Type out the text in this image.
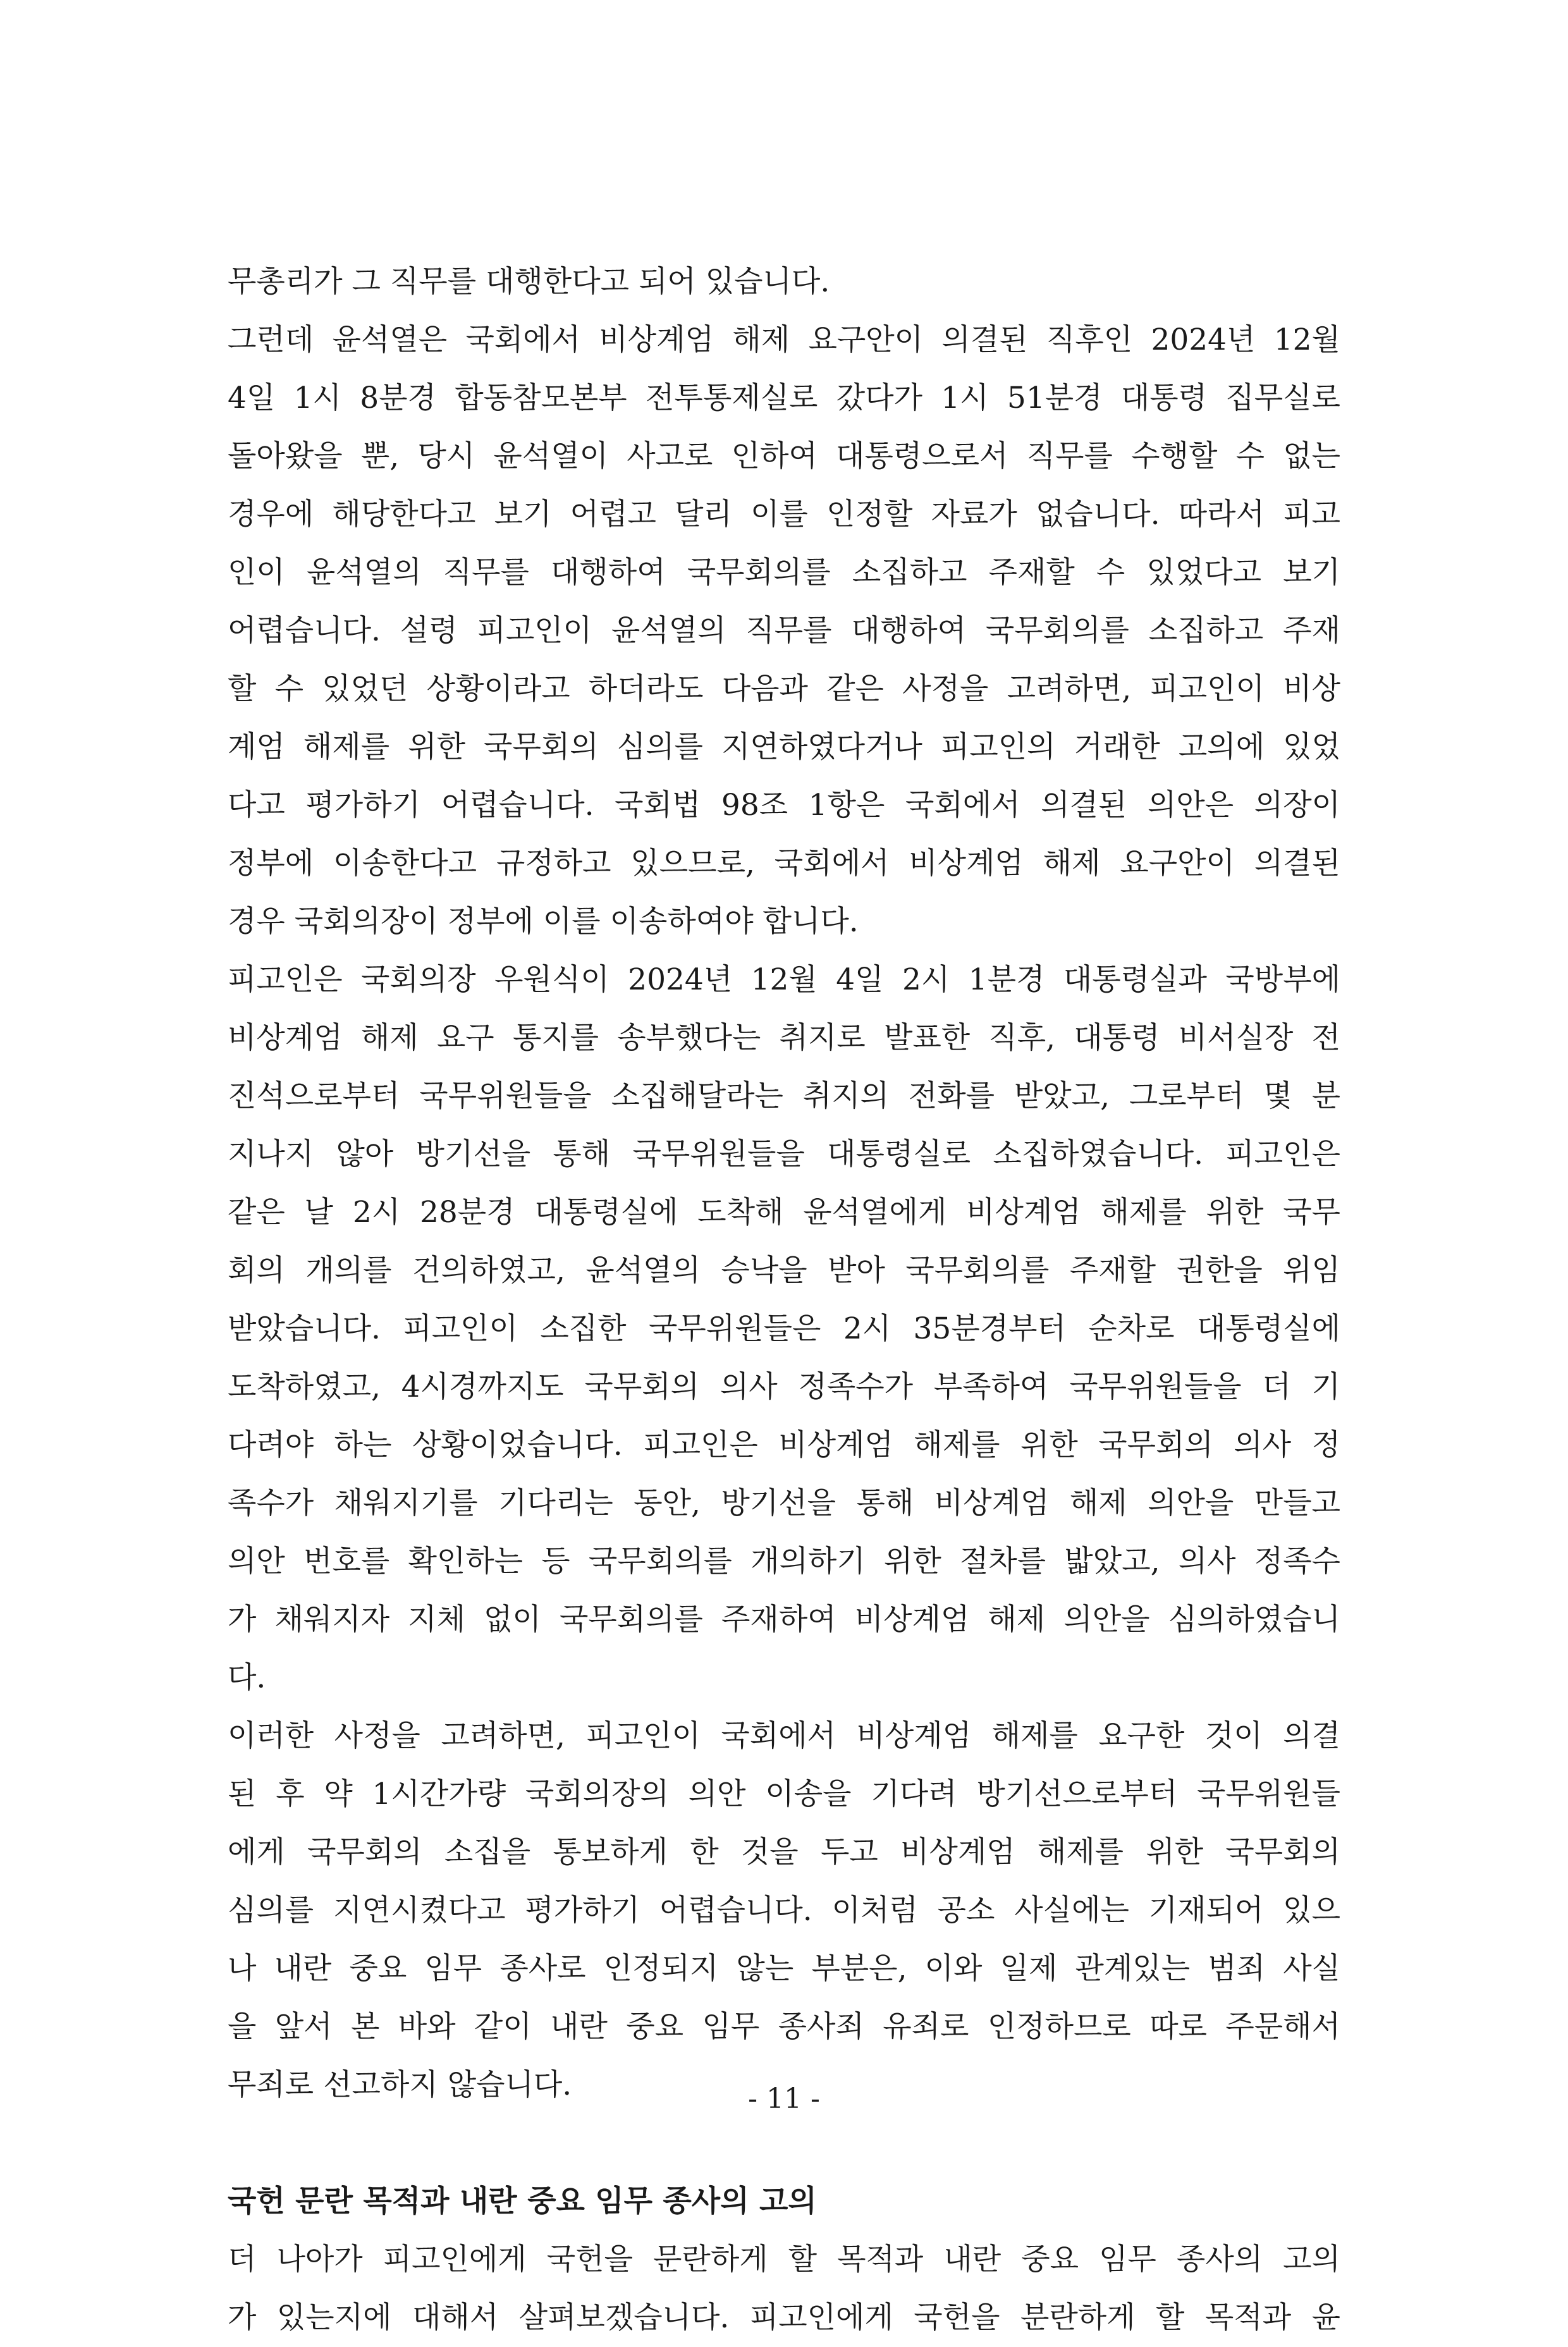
무총리가 그 직무를 대행한다고 되어 있습니다.
그런데 윤석열은 국회에서 비상계엄 해제 요구안이 의결된 직후인 2024년 12월
4일 1시 8분경 합동참모본부 전투통제실로 갔다가 1시 51분경 대통령 집무실로
돌아왔을 뿐, 당시 윤석열이 사고로 인하여 대통령으로서 직무를 수행할 수 없는
경우에 해당한다고 보기 어렵고 달리 이를 인정할 자료가 없습니다. 따라서 피고
인이 윤석열의 직무를 대행하여 국무회의를 소집하고 주재할 수 있었다고 보기
어렵습니다. 설령 피고인이 윤석열의 직무를 대행하여 국무회의를 소집하고 주재
할 수 있었던 상황이라고 하더라도 다음과 같은 사정을 고려하면, 피고인이 비상
계엄 해제를 위한 국무회의 심의를 지연하였다거나 피고인의 거래한 고의에 있었
다고 평가하기 어렵습니다. 국회법 98조 1항은 국회에서 의결된 의안은 의장이
정부에 이송한다고 규정하고 있으므로, 국회에서 비상계엄 해제 요구안이 의결된
경우 국회의장이 정부에 이를 이송하여야 합니다.
피고인은 국회의장 우원식이 2024년 12월 4일 2시 1분경 대통령실과 국방부에
비상계엄 해제 요구 통지를 송부했다는 취지로 발표한 직후, 대통령 비서실장 전
진석으로부터 국무위원들을 소집해달라는 취지의 전화를 받았고, 그로부터 몇 분
지나지 않아 방기선을 통해 국무위원들을 대통령실로 소집하였습니다. 피고인은
같은 날 2시 28분경 대통령실에 도착해 윤석열에게 비상계엄 해제를 위한 국무
회의 개의를 건의하였고, 윤석열의 승낙을 받아 국무회의를 주재할 권한을 위임
받았습니다. 피고인이 소집한 국무위원들은 2시 35분경부터 순차로 대통령실에
도착하였고, 4시경까지도 국무회의 의사 정족수가 부족하여 국무위원들을 더 기
다려야 하는 상황이었습니다. 피고인은 비상계엄 해제를 위한 국무회의 의사 정
족수가 채워지기를 기다리는 동안, 방기선을 통해 비상계엄 해제 의안을 만들고
의안 번호를 확인하는 등 국무회의를 개의하기 위한 절차를 밟았고, 의사 정족수
가 채워지자 지체 없이 국무회의를 주재하여 비상계엄 해제 의안을 심의하였습니
다.
이러한 사정을 고려하면, 피고인이 국회에서 비상계엄 해제를 요구한 것이 의결
된 후 약 1시간가량 국회의장의 의안 이송을 기다려 방기선으로부터 국무위원들
에게 국무회의 소집을 통보하게 한 것을 두고 비상계엄 해제를 위한 국무회의
심의를 지연시켰다고 평가하기 어렵습니다. 이처럼 공소 사실에는 기재되어 있으
나 내란 중요 임무 종사로 인정되지 않는 부분은, 이와 일제 관계있는 범죄 사실
을 앞서 본 바와 같이 내란 중요 임무 종사죄 유죄로 인정하므로 따로 주문해서
무죄로 선고하지 않습니다.
국헌 문란 목적과 내란 중요 임무 종사의 고의
더 나아가 피고인에게 국헌을 문란하게 할 목적과 내란 중요 임무 종사의 고의
가 있는지에 대해서 살펴보겠습니다. 피고인에게 국헌을 분란하게 할 목적과 윤
- 11 -
